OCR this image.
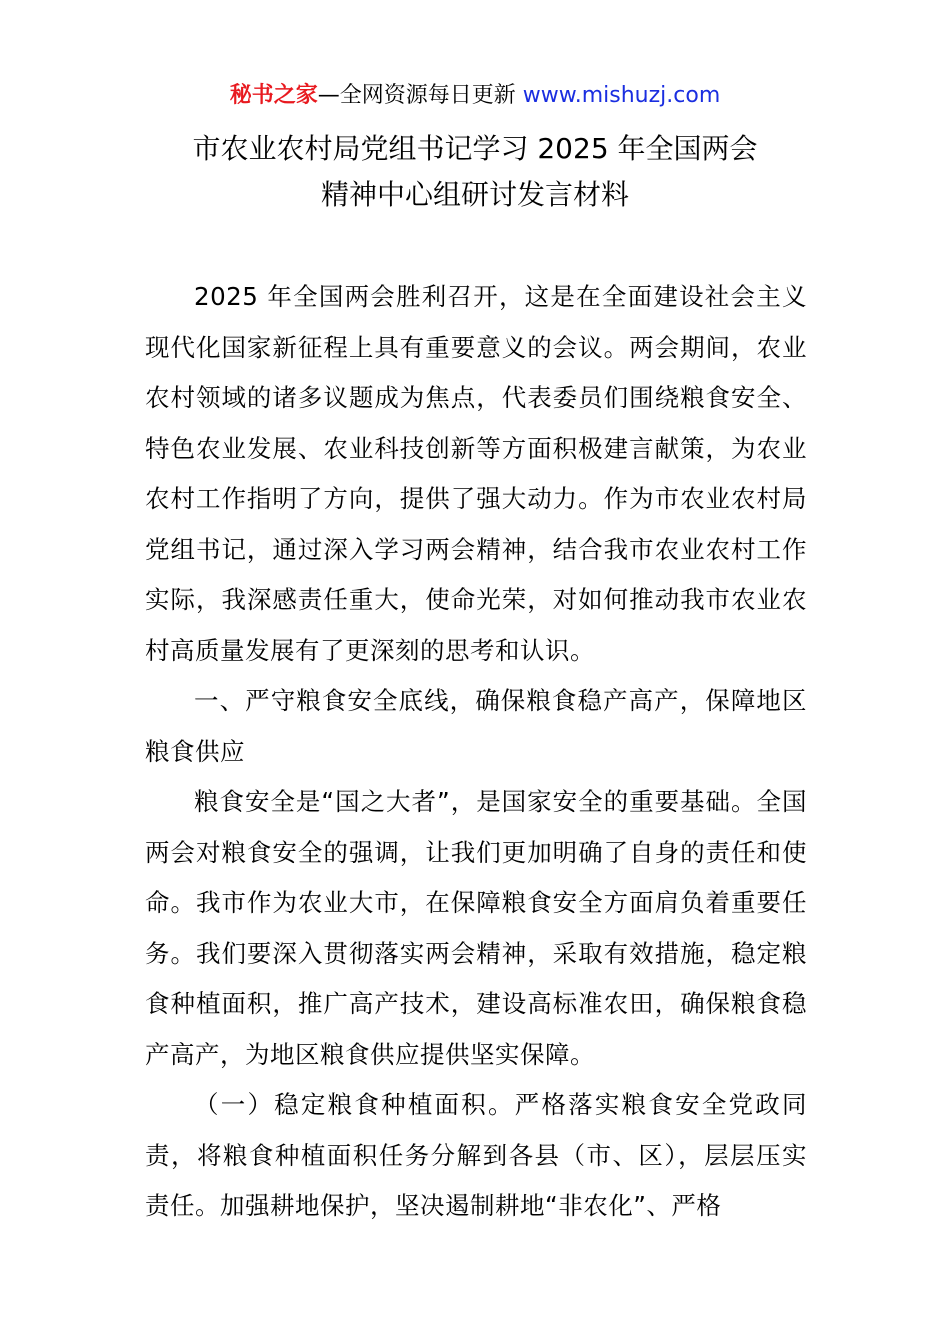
秘书之家—全网资源每日更新 www.mishuzj.com
市农业农村局党组书记学习 2025 年全国两会
精神中心组研讨发言材料

2025 年全国两会胜利召开，这是在全面建设社会主义现代化国家新征程上具有重要意义的会议。两会期间，农业农村领域的诸多议题成为焦点，代表委员们围绕粮食安全、特色农业发展、农业科技创新等方面积极建言献策，为农业农村工作指明了方向，提供了强大动力。作为市农业农村局党组书记，通过深入学习两会精神，结合我市农业农村工作实际，我深感责任重大，使命光荣，对如何推动我市农业农村高质量发展有了更深刻的思考和认识。

一、严守粮食安全底线，确保粮食稳产高产，保障地区粮食供应

粮食安全是“国之大者”，是国家安全的重要基础。全国两会对粮食安全的强调，让我们更加明确了自身的责任和使命。我市作为农业大市，在保障粮食安全方面肩负着重要任务。我们要深入贯彻落实两会精神，采取有效措施，稳定粮食种植面积，推广高产技术，建设高标准农田，确保粮食稳产高产，为地区粮食供应提供坚实保障。

（一）稳定粮食种植面积。严格落实粮食安全党政同责，将粮食种植面积任务分解到各县（市、区），层层压实责任。加强耕地保护，坚决遏制耕地“非农化”、严格
